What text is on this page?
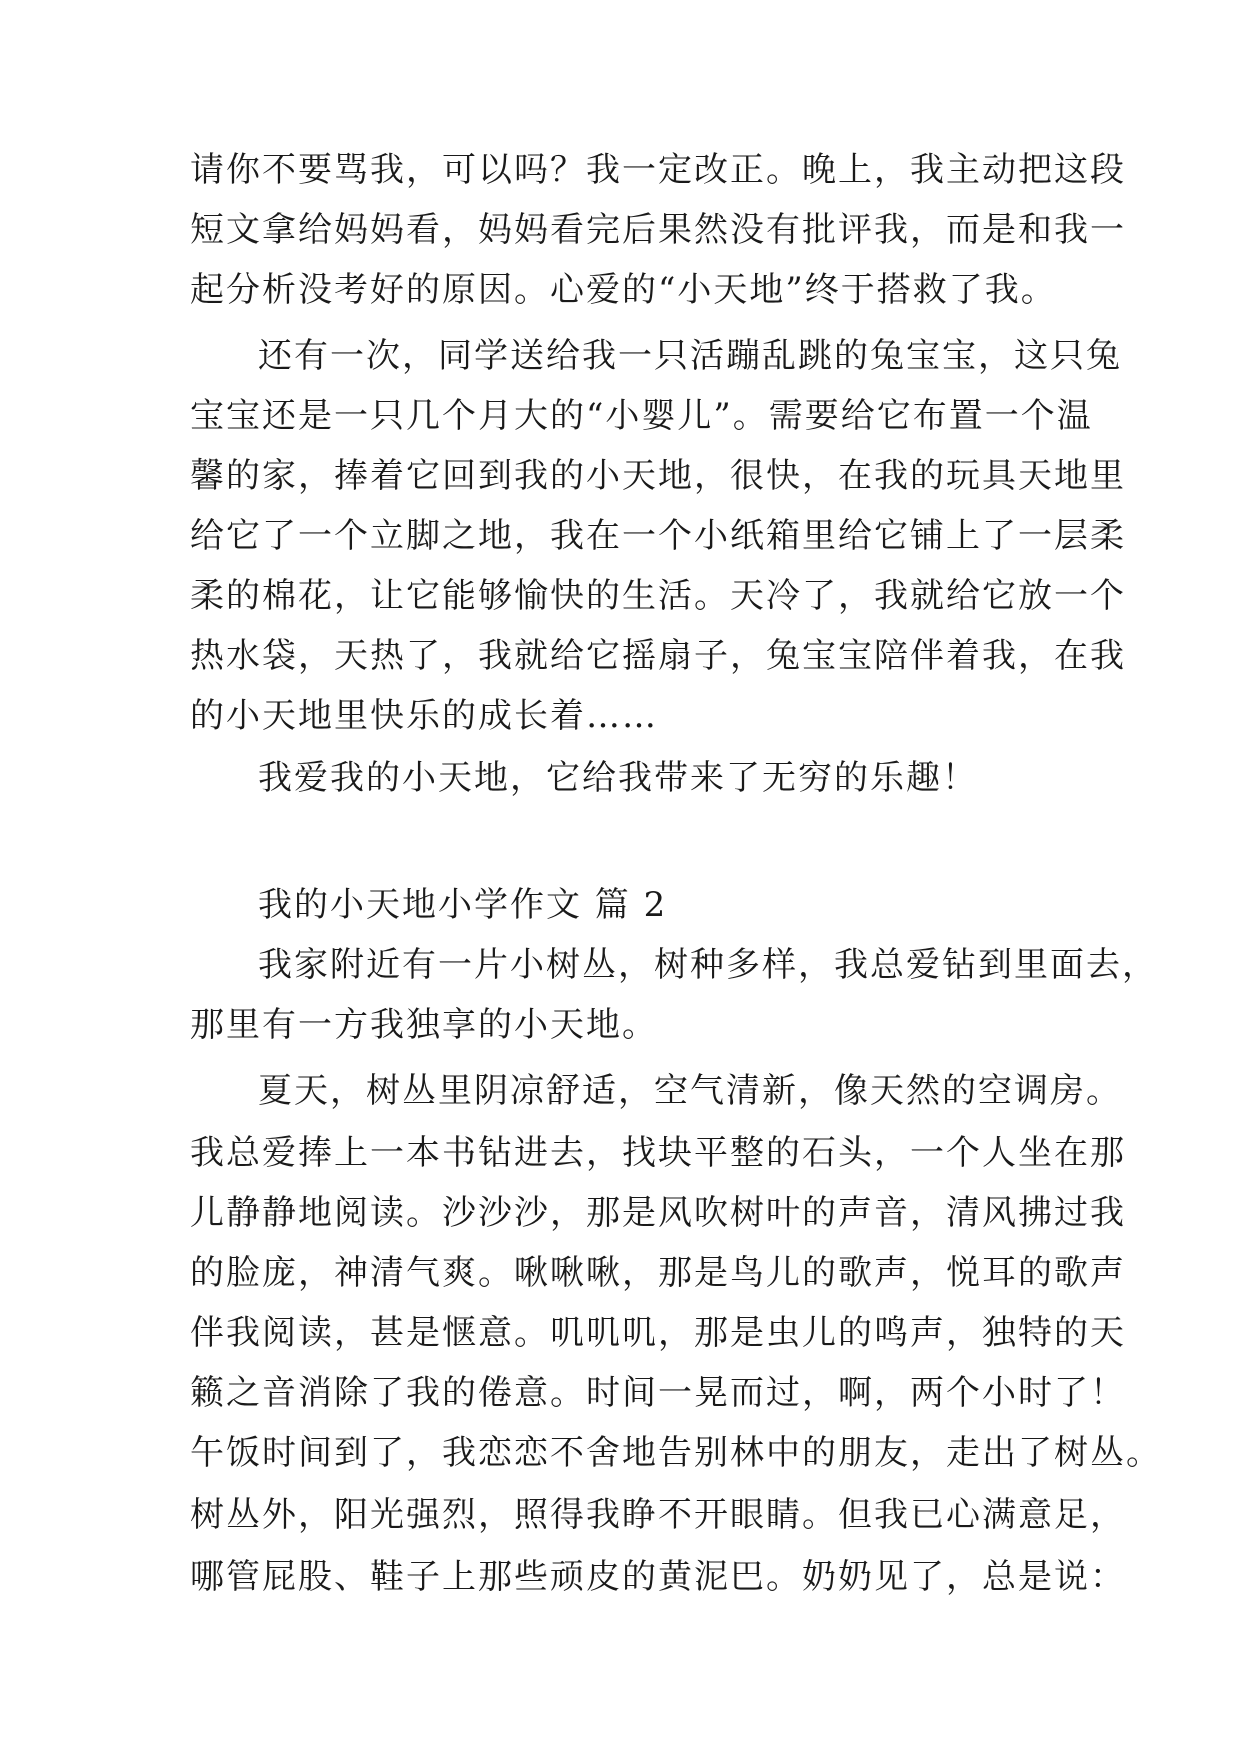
请你不要骂我，可以吗？我一定改正。晚上，我主动把这段
短文拿给妈妈看，妈妈看完后果然没有批评我，而是和我一
起分析没考好的原因。心爱的“小天地”终于搭救了我。
还有一次，同学送给我一只活蹦乱跳的兔宝宝，这只兔
宝宝还是一只几个月大的“小婴儿”。需要给它布置一个温
馨的家，捧着它回到我的小天地，很快，在我的玩具天地里
给它了一个立脚之地，我在一个小纸箱里给它铺上了一层柔
柔的棉花，让它能够愉快的生活。天冷了，我就给它放一个
热水袋，天热了，我就给它摇扇子，兔宝宝陪伴着我，在我
的小天地里快乐的成长着……
我爱我的小天地，它给我带来了无穷的乐趣！
我的小天地小学作文 篇 2
我家附近有一片小树丛，树种多样，我总爱钻到里面去，
那里有一方我独享的小天地。
夏天，树丛里阴凉舒适，空气清新，像天然的空调房。
我总爱捧上一本书钻进去，找块平整的石头，一个人坐在那
儿静静地阅读。沙沙沙，那是风吹树叶的声音，清风拂过我
的脸庞，神清气爽。啾啾啾，那是鸟儿的歌声，悦耳的歌声
伴我阅读，甚是惬意。叽叽叽，那是虫儿的鸣声，独特的天
籁之音消除了我的倦意。时间一晃而过，啊，两个小时了！
午饭时间到了，我恋恋不舍地告别林中的朋友，走出了树丛。
树丛外，阳光强烈，照得我睁不开眼睛。但我已心满意足，
哪管屁股、鞋子上那些顽皮的黄泥巴。奶奶见了，总是说：
